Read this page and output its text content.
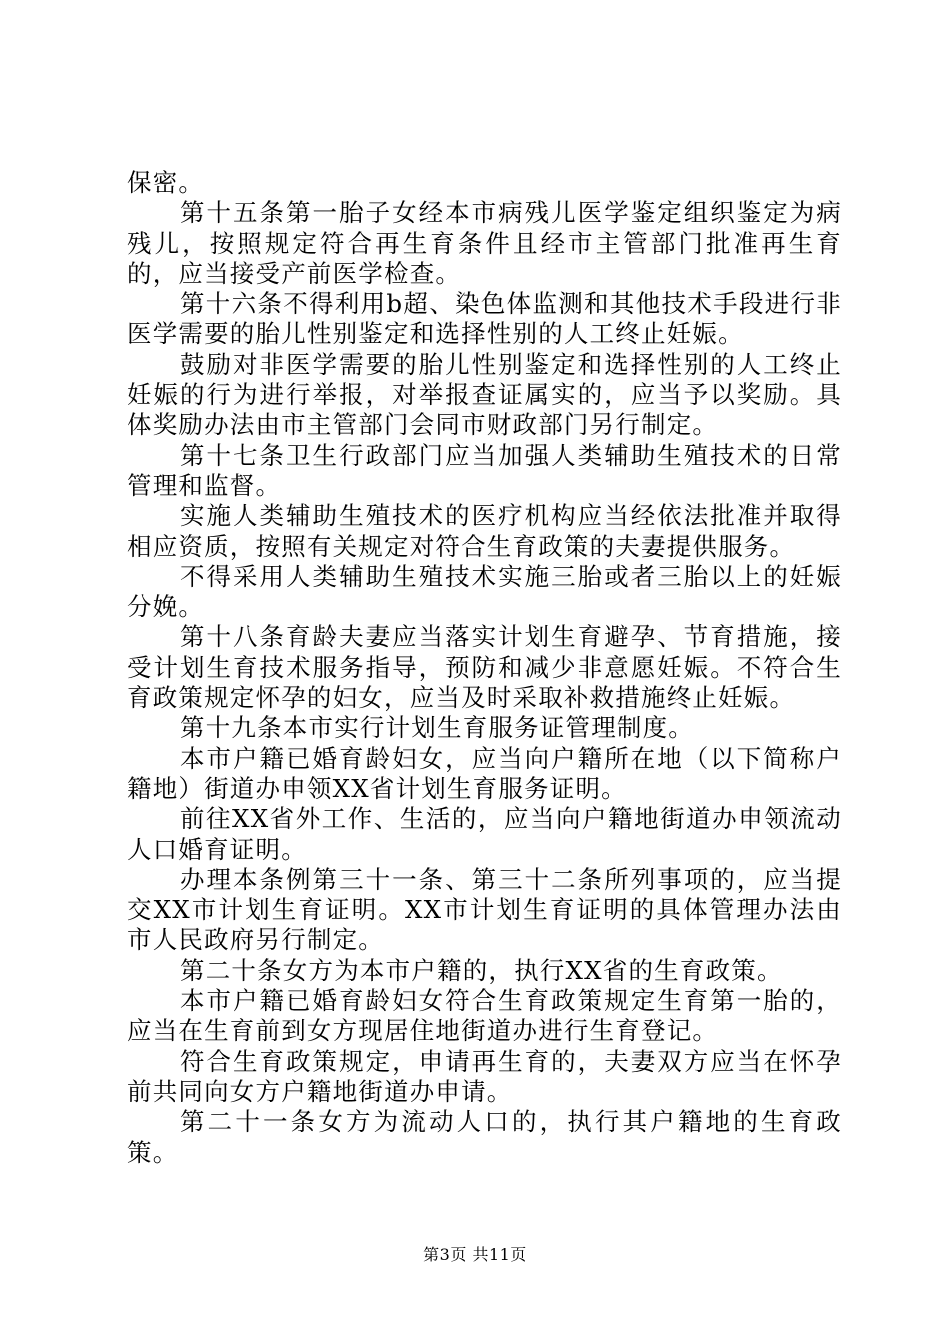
保密。

第十五条第一胎子女经本市病残儿医学鉴定组织鉴定为病残儿，按照规定符合再生育条件且经市主管部门批准再生育的，应当接受产前医学检查。

第十六条不得利用b超、染色体监测和其他技术手段进行非医学需要的胎儿性别鉴定和选择性别的人工终止妊娠。

鼓励对非医学需要的胎儿性别鉴定和选择性别的人工终止妊娠的行为进行举报，对举报查证属实的，应当予以奖励。具体奖励办法由市主管部门会同市财政部门另行制定。

第十七条卫生行政部门应当加强人类辅助生殖技术的日常管理和监督。

实施人类辅助生殖技术的医疗机构应当经依法批准并取得相应资质，按照有关规定对符合生育政策的夫妻提供服务。

不得采用人类辅助生殖技术实施三胎或者三胎以上的妊娠分娩。

第十八条育龄夫妻应当落实计划生育避孕、节育措施，接受计划生育技术服务指导，预防和减少非意愿妊娠。不符合生育政策规定怀孕的妇女，应当及时采取补救措施终止妊娠。

第十九条本市实行计划生育服务证管理制度。

本市户籍已婚育龄妇女，应当向户籍所在地（以下简称户籍地）街道办申领XX省计划生育服务证明。

前往XX省外工作、生活的，应当向户籍地街道办申领流动人口婚育证明。

办理本条例第三十一条、第三十二条所列事项的，应当提交XX市计划生育证明。XX市计划生育证明的具体管理办法由市人民政府另行制定。

第二十条女方为本市户籍的，执行XX省的生育政策。

本市户籍已婚育龄妇女符合生育政策规定生育第一胎的，应当在生育前到女方现居住地街道办进行生育登记。

符合生育政策规定，申请再生育的，夫妻双方应当在怀孕前共同向女方户籍地街道办申请。

第二十一条女方为流动人口的，执行其户籍地的生育政策。

第3页 共11页
